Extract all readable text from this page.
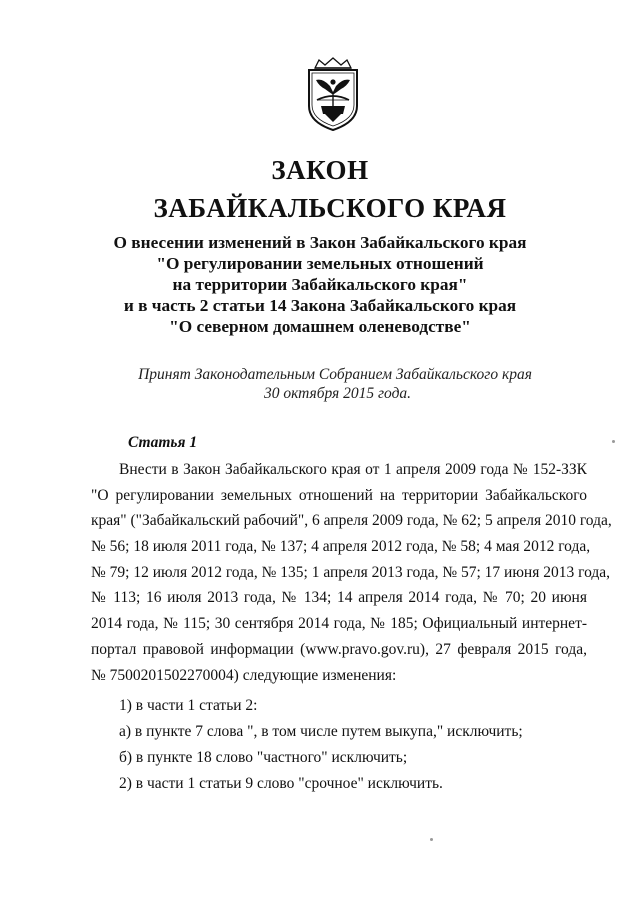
ЗАКОН
ЗАБАЙКАЛЬСКОГО КРАЯ
О внесении изменений в Закон Забайкальского края
"О регулировании земельных отношений
на территории Забайкальского края"
и в часть 2 статьи 14 Закона Забайкальского края
"О северном домашнем оленеводстве"
Принят Законодательным Собранием Забайкальского края
30 октября 2015 года.
Статья 1
Внести в Закон Забайкальского края от 1 апреля 2009 года № 152-ЗЗК
"О регулировании земельных отношений на территории Забайкальского
края" ("Забайкальский рабочий", 6 апреля 2009 года, № 62; 5 апреля 2010 года,
№ 56; 18 июля 2011 года, № 137; 4 апреля 2012 года, № 58; 4 мая 2012 года,
№ 79; 12 июля 2012 года, № 135; 1 апреля 2013 года, № 57; 17 июня 2013 года,
№ 113; 16 июля 2013 года, № 134; 14 апреля 2014 года, № 70; 20 июня
2014 года, № 115; 30 сентября 2014 года, № 185; Официальный интернет-
портал правовой информации (www.pravo.gov.ru), 27 февраля 2015 года,
№ 7500201502270004) следующие изменения:
1) в части 1 статьи 2:
а) в пункте 7 слова ", в том числе путем выкупа," исключить;
б) в пункте 18 слово "частного" исключить;
2) в части 1 статьи 9 слово "срочное" исключить.
